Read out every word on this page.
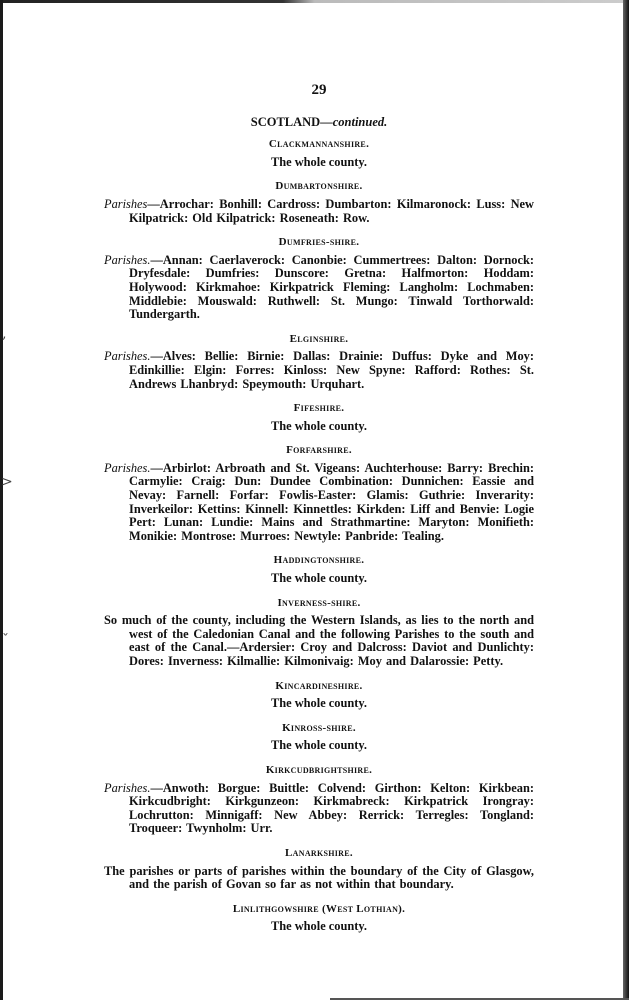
‚
>
ˇ
29
SCOTLAND—continued.
Clackmannanshire.
The whole county.
Dumbartonshire.
Parishes—Arrochar: Bonhill: Cardross: Dumbarton: Kilmaronock: Luss: New Kilpatrick: Old Kilpatrick: Roseneath: Row.
Dumfries-shire.
Parishes.—Annan: Caerlaverock: Canonbie: Cummertrees: Dalton: Dornock: Dryfesdale: Dumfries: Dunscore: Gretna: Halfmorton: Hoddam: Holywood: Kirkmahoe: Kirkpatrick Fleming: Langholm: Lochmaben: Middlebie: Mouswald: Ruthwell: St. Mungo: Tinwald Torthorwald: Tundergarth.
Elginshire.
Parishes.—Alves: Bellie: Birnie: Dallas: Drainie: Duffus: Dyke and Moy: Edinkillie: Elgin: Forres: Kinloss: New Spyne: Rafford: Rothes: St. Andrews Lhanbryd: Speymouth: Urquhart.
Fifeshire.
The whole county.
Forfarshire.
Parishes.—Arbirlot: Arbroath and St. Vigeans: Auchterhouse: Barry: Brechin: Carmylie: Craig: Dun: Dundee Combination: Dunnichen: Eassie and Nevay: Farnell: Forfar: Fowlis-Easter: Glamis: Guthrie: Inverarity: Inverkeilor: Kettins: Kinnell: Kinnettles: Kirkden: Liff and Benvie: Logie Pert: Lunan: Lundie: Mains and Strathmartine: Maryton: Monifieth: Monikie: Montrose: Murroes: Newtyle: Panbride: Tealing.
Haddingtonshire.
The whole county.
Inverness-shire.
So much of the county, including the Western Islands, as lies to the north and west of the Caledonian Canal and the following Parishes to the south and east of the Canal.—Ardersier: Croy and Dalcross: Daviot and Dunlichty: Dores: Inverness: Kilmallie: Kilmonivaig: Moy and Dalarossie: Petty.
Kincardineshire.
The whole county.
Kinross-shire.
The whole county.
Kirkcudbrightshire.
Parishes.—Anwoth: Borgue: Buittle: Colvend: Girthon: Kelton: Kirkbean: Kirkcudbright: Kirkgunzeon: Kirkmabreck: Kirkpatrick Irongray: Lochrutton: Minnigaff: New Abbey: Rerrick: Terregles: Tongland: Troqueer: Twynholm: Urr.
Lanarkshire.
The parishes or parts of parishes within the boundary of the City of Glasgow, and the parish of Govan so far as not within that boundary.
Linlithgowshire (West Lothian).
The whole county.
